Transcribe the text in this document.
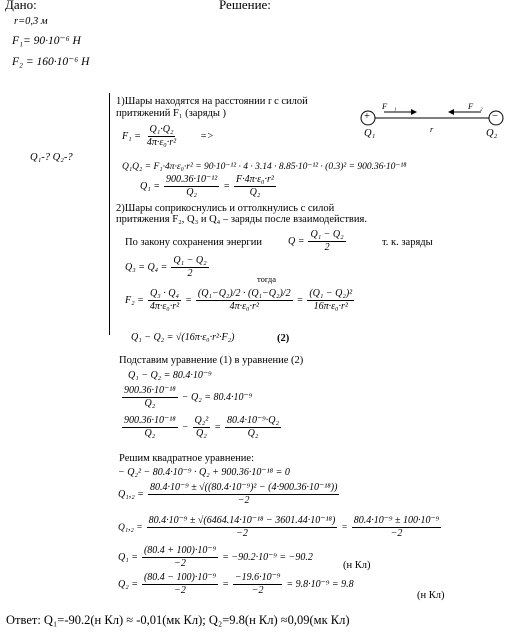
Дано:	Решение:
r=0,3 м
F₁= 90·10⁻⁶ Н
F₂ = 160·10⁻⁶ Н
Q₁-? Q₂-?
1)Шары находятся на расстоянии r с силой
притяжений F₁ (заряды )
$F_1 = \frac{\text{Q₁·Q₂}}{\text{4π·ε₀·r²}}$ =>
+	−
F⃗₁	F⃗₂
r
Q₁	Q₂
Q₁Q₂ = F₁·4π·ε₀·r² = 90·10⁻¹² · 4 · 3.14 · 8.85·10⁻¹² · (0.3)² = 900.36·10⁻¹⁸
$Q_1 = \frac{\text{900.36·10⁻¹²}}{\text{Q₂}} = \frac{\text{F·4π·ε₀·r²}}{\text{Q₂}}$
2)Шары соприкоснулись и оттолкнулись с силой
притяжения F₂, Q₃ и Q₄ – заряды после взаимодействия.
По закону сохранения энергии	$Q = \frac{\text{Q₁ − Q₂}}{2}$	т. к. заряды
$Q_3 = Q_4 = \frac{\text{Q₁ − Q₂}}{2}$	тогда
$F_2 = \frac{\text{Q₃ · Q₄}}{\text{4π·ε₀·r²}} = \frac{\text{(Q₁−Q₂)/2 · (Q₁−Q₂)/2}}{\text{4π·ε₀·r²}} = \frac{\text{(Q₁ − Q₂)²}}{\text{16π·ε₀·r²}}$
Q₁ − Q₂ = √(16π·ε₀·r²·F₂)	(2)
Подставим уравнение (1) в уравнение (2)
Q₁ − Q₂ = 80.4·10⁻⁹
$\frac{\text{900.36·10⁻¹⁸}}{\text{Q₂}} - Q_2 = 80.4\cdot 10^{-9}$
$\frac{\text{900.36·10⁻¹⁸}}{\text{Q₂}} - \frac{\text{Q₂²}}{\text{Q₂}} = \frac{\text{80.4·10⁻⁹·Q₂}}{\text{Q₂}}$
Решим квадратное уравнение:
− Q₂² − 80.4·10⁻⁹ · Q₂ + 900.36·10⁻¹⁸ = 0
$Q_1,_2 = \frac{\text{80.4·10⁻⁹ ± √((80.4·10⁻⁹)² − (4·900.36·10⁻¹⁸))}}{-2}$
$Q_1,_2 = \frac{\text{80.4·10⁻⁹ ± √(6464.14·10⁻¹⁸ − 3601.44·10⁻¹⁸)}}{-2} = \frac{\text{80.4·10⁻⁹ ± 100·10⁻⁹}}{-2}$
$Q_1 = \frac{\text{(80.4 + 100)·10⁻⁹}}{-2} = -90.2\cdot 10^{-9} = -90.2$
(н Кл)
$Q_2 = \frac{\text{(80.4 − 100)·10⁻⁹}}{-2} = \frac{\text{−19.6·10⁻⁹}}{-2} = 9.8\cdot 10^{-9} = 9.8$
(н Кл)
Ответ: Q₁=-90.2(н Кл) ≈ -0,01(мк Кл); Q₂=9.8(н Кл) ≈0,09(мк Кл)
